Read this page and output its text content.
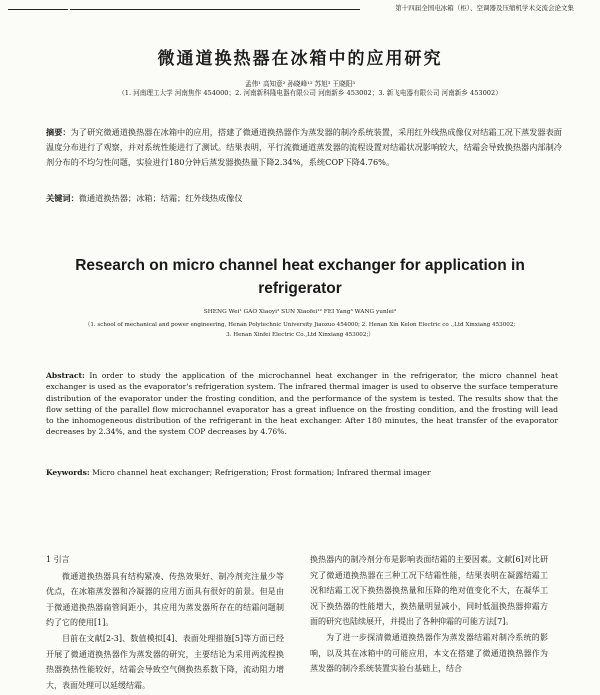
第十四届全国电冰箱（柜）、空调器及压缩机学术交流会论文集
微通道换热器在冰箱中的应用研究
孟伟¹ 高知意² 孙晓峰¹² 苏旭³ 王晓阳³
（1. 河南理工大学 河南焦作 454000；2. 河南新科隆电器有限公司 河南新乡 453002；3. 新飞电器有限公司 河南新乡 453002）
摘要：为了研究微通道换热器在冰箱中的应用，搭建了微通道换热器作为蒸发器的制冷系统装置，采用红外线热成像仪对结霜工况下蒸发器表面温度分布进行了观察，并对系统性能进行了测试。结果表明，平行流微通道蒸发器的流程设置对结霜状况影响较大，结霜会导致换热器内部制冷剂分布的不均匀性问题，实验进行180分钟后蒸发器换热量下降2.34%，系统COP下降4.76%。
关键词：微通道换热器；冰箱；结霜；红外线热成像仪
Research on micro channel heat exchanger for application in refrigerator
SHENG Wei¹ GAO Xiaoyi² SUN Xiaofei¹² FEI Yang³ WANG yunlei³
（1. school of mechanical and power engineering, Henan Polytechnic University Jiaozuo 454000; 2. Henan Xin Kelon Electric co .,Ltd Xinxiang 453002;
3. Henan Xinfei Electric Co.,Ltd Xinxiang 453002;）
Abstract: In order to study the application of the microchannel heat exchanger in the refrigerator, the micro channel heat exchanger is used as the evaporator's refrigeration system. The infrared thermal imager is used to observe the surface temperature distribution of the evaporator under the frosting condition, and the performance of the system is tested. The results show that the flow setting of the parallel flow microchannel evaporator has a great influence on the frosting condition, and the frosting will lead to the inhomogeneous distribution of the refrigerant in the heat exchanger. After 180 minutes, the heat transfer of the evaporator decreases by 2.34%, and the system COP decreases by 4.76%.
Keywords: Micro channel heat exchanger; Refrigeration; Frost formation; Infrared thermal imager
1 引言
微通道换热器具有结构紧凑、传热效果好、制冷剂充注量少等优点，在冰箱蒸发器和冷凝器的应用方面具有很好的前景。但是由于微通道换热器扁管间距小，其应用为蒸发器所存在的结霜问题制约了它的使用[1]。
目前在文献[2-3]、数值模拟[4]、表面处理措施[5]等方面已经开展了微通道换热器作为蒸发器的研究，主要结论为采用两流程换热器换热性能较好，结霜会导致空气侧换热系数下降，流动阻力增大，表面处理可以延缓结霜。
换热器内的制冷剂分布是影响表面结霜的主要因素。文献[6]对比研究了微通道换热器在三种工况下结霜性能，结果表明在凝露结霜工况和结霜工况下换热器换热量和压降的绝对值变化不大，在凝华工况下换热器的性能增大，换热量明显减小，同时低温换热器抑霜方面的研究也陆续展开，并提出了各种抑霜的可能方法[7]。
为了进一步探清微通道换热器作为蒸发器结霜对制冷系统的影响，以及其在冰箱中的可能应用，本文在搭建了微通道换热器作为蒸发器的制冷系统装置实验台基础上，结合
